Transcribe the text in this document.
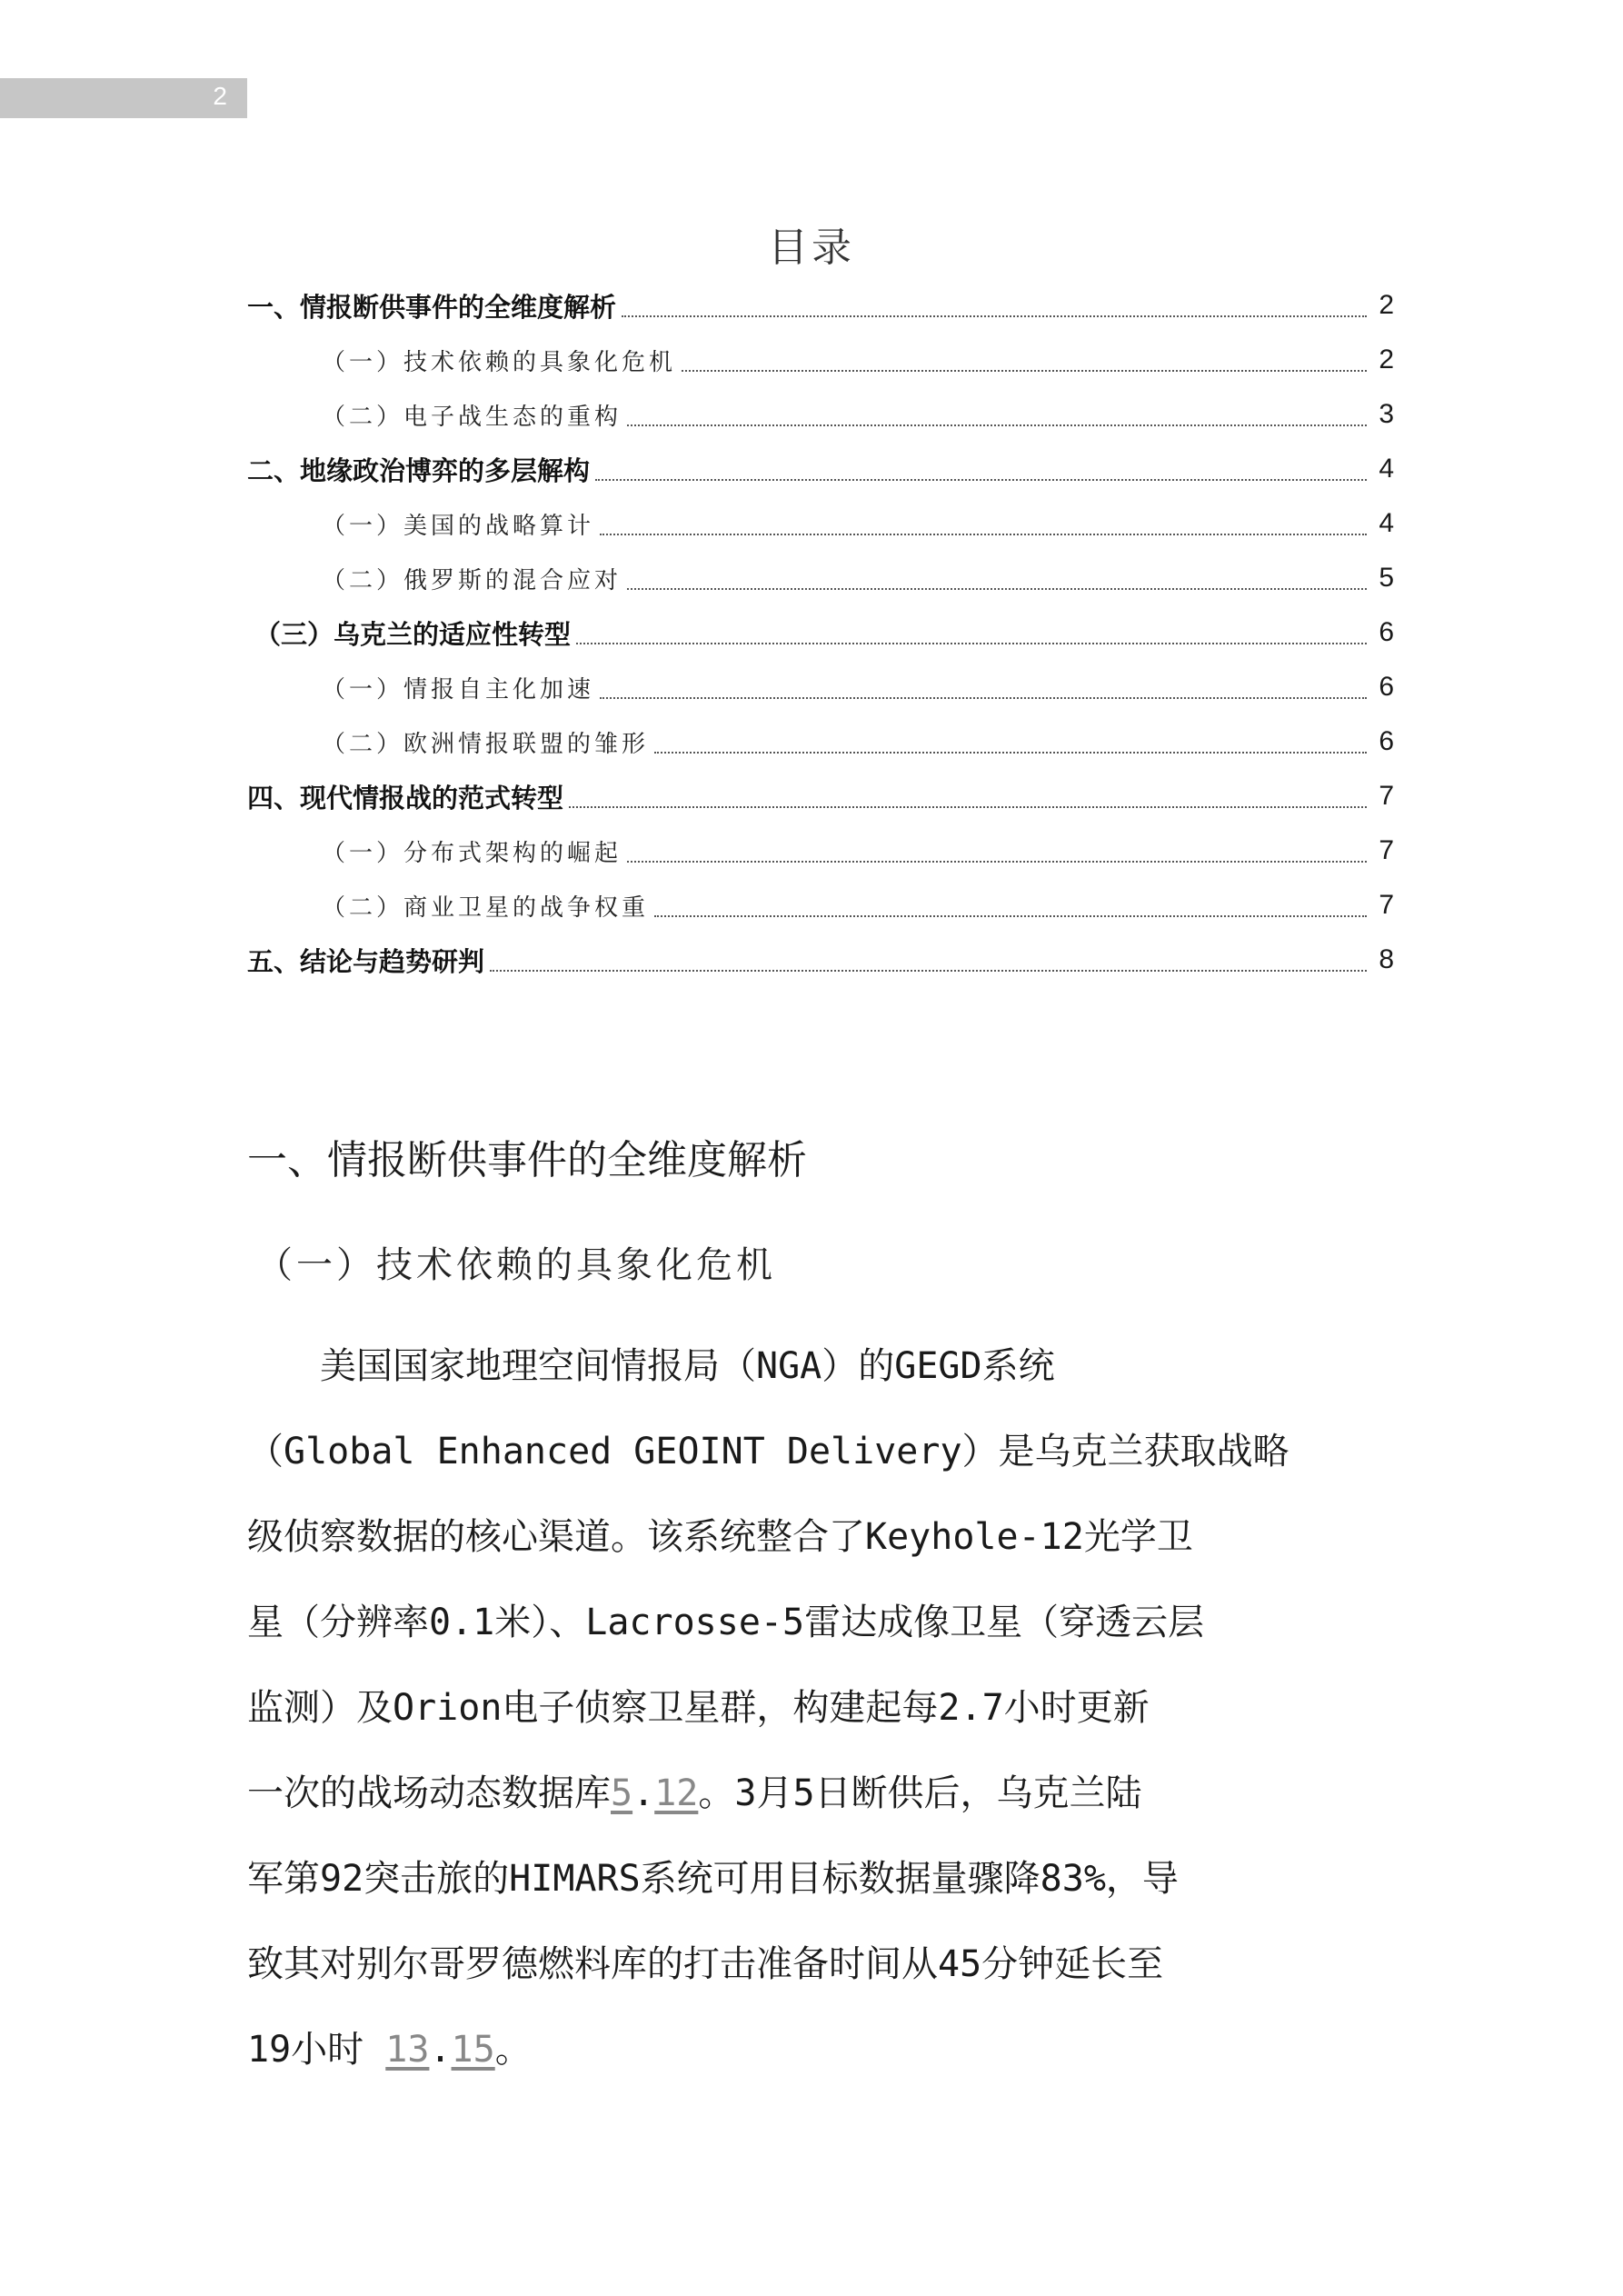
2
目录
一、情报断供事件的全维度解析	2
（一）技术依赖的具象化危机	2
（二）电子战生态的重构	3
二、地缘政治博弈的多层解构	4
（一）美国的战略算计	4
（二）俄罗斯的混合应对	5
（三）乌克兰的适应性转型	6
（一）情报自主化加速	6
（二）欧洲情报联盟的雏形	6
四、现代情报战的范式转型	7
（一）分布式架构的崛起	7
（二）商业卫星的战争权重	7
五、结论与趋势研判	8
一、情报断供事件的全维度解析
（一）技术依赖的具象化危机
　　美国国家地理空间情报局（NGA）的GEGD系统
（Global Enhanced GEOINT Delivery）是乌克兰获取战略
级侦察数据的核心渠道。该系统整合了Keyhole-12光学卫
星（分辨率0.1米）、Lacrosse-5雷达成像卫星（穿透云层
监测）及Orion电子侦察卫星群，构建起每2.7小时更新
一次的战场动态数据库5.12。3月5日断供后，乌克兰陆
军第92突击旅的HIMARS系统可用目标数据量骤降83%，导
致其对别尔哥罗德燃料库的打击准备时间从45分钟延长至
19小时 13.15。
